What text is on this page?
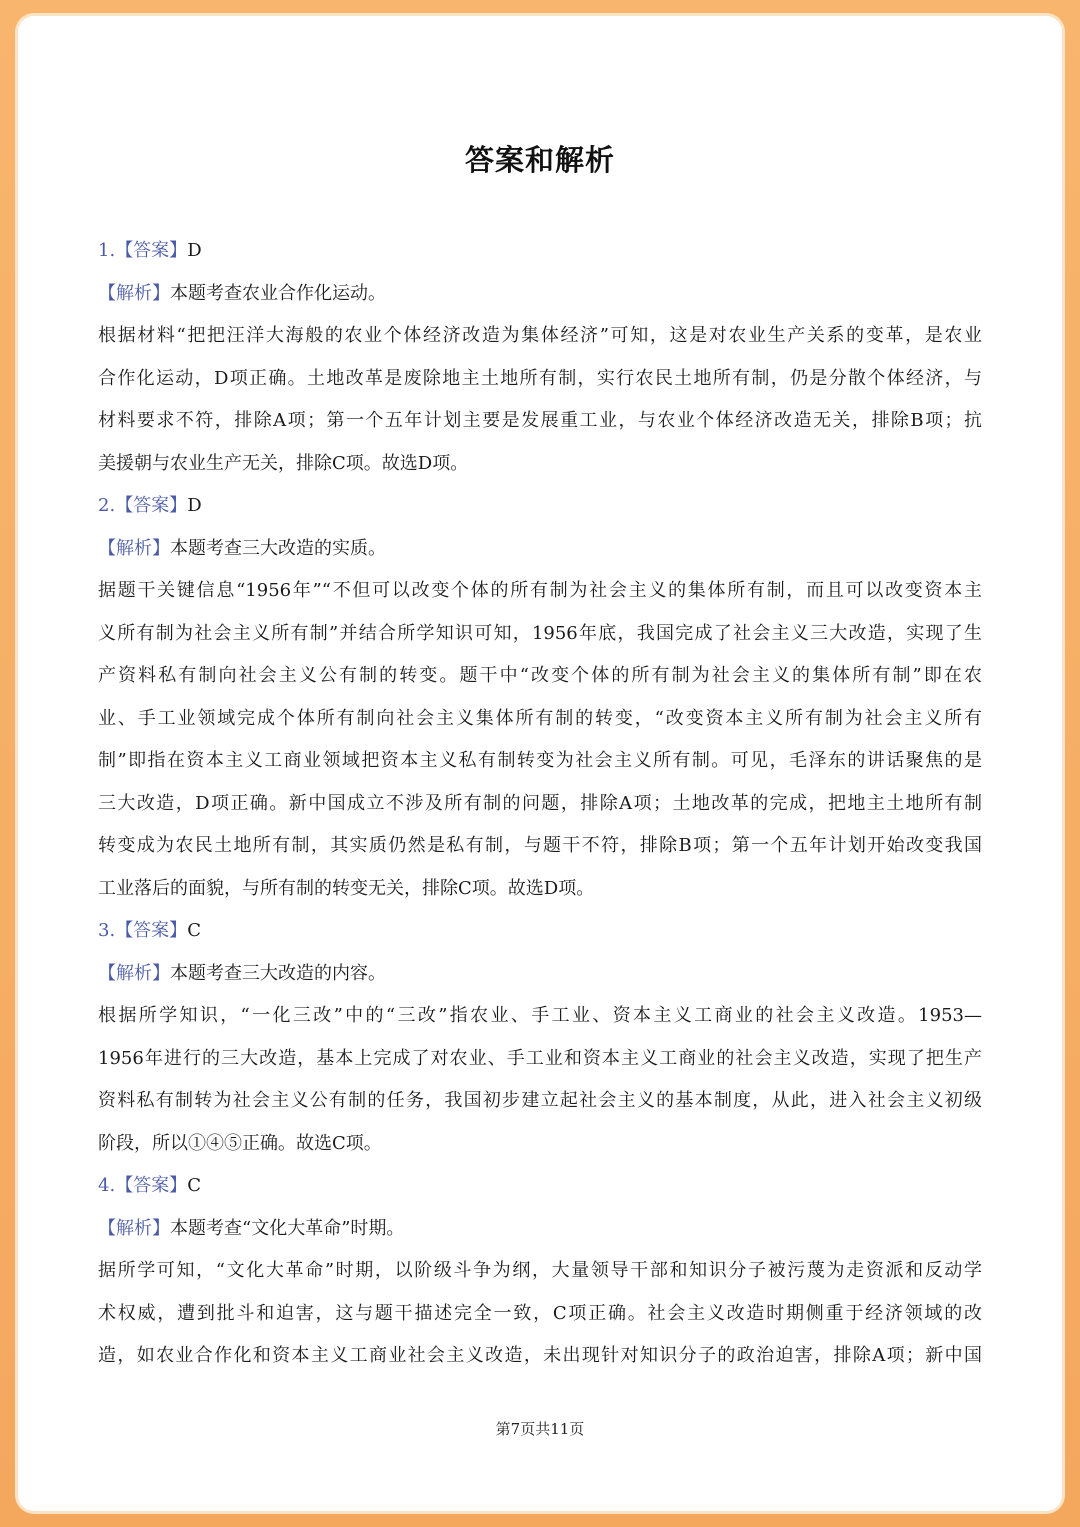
答案和解析
1.【答案】D
【解析】本题考查农业合作化运动。
根据材料“把把汪洋大海般的农业个体经济改造为集体经济”可知，这是对农业生产关系的变革，是农业
合作化运动，D项正确。土地改革是废除地主土地所有制，实行农民土地所有制，仍是分散个体经济，与
材料要求不符，排除A项；第一个五年计划主要是发展重工业，与农业个体经济改造无关，排除B项；抗
美援朝与农业生产无关，排除C项。故选D项。
2.【答案】D
【解析】本题考查三大改造的实质。
据题干关键信息“1956年”“不但可以改变个体的所有制为社会主义的集体所有制，而且可以改变资本主
义所有制为社会主义所有制”并结合所学知识可知，1956年底，我国完成了社会主义三大改造，实现了生
产资料私有制向社会主义公有制的转变。题干中“改变个体的所有制为社会主义的集体所有制”即在农
业、手工业领域完成个体所有制向社会主义集体所有制的转变，“改变资本主义所有制为社会主义所有
制”即指在资本主义工商业领域把资本主义私有制转变为社会主义所有制。可见，毛泽东的讲话聚焦的是
三大改造，D项正确。新中国成立不涉及所有制的问题，排除A项；土地改革的完成，把地主土地所有制
转变成为农民土地所有制，其实质仍然是私有制，与题干不符，排除B项；第一个五年计划开始改变我国
工业落后的面貌，与所有制的转变无关，排除C项。故选D项。
3.【答案】C
【解析】本题考查三大改造的内容。
根据所学知识，“一化三改”中的“三改”指农业、手工业、资本主义工商业的社会主义改造。1953—
1956年进行的三大改造，基本上完成了对农业、手工业和资本主义工商业的社会主义改造，实现了把生产
资料私有制转为社会主义公有制的任务，我国初步建立起社会主义的基本制度，从此，进入社会主义初级
阶段，所以①④⑤正确。故选C项。
4.【答案】C
【解析】本题考查“文化大革命”时期。
据所学可知，“文化大革命”时期，以阶级斗争为纲，大量领导干部和知识分子被污蔑为走资派和反动学
术权威，遭到批斗和迫害，这与题干描述完全一致，C项正确。社会主义改造时期侧重于经济领域的改
造，如农业合作化和资本主义工商业社会主义改造，未出现针对知识分子的政治迫害，排除A项；新中国
第7页共11页
